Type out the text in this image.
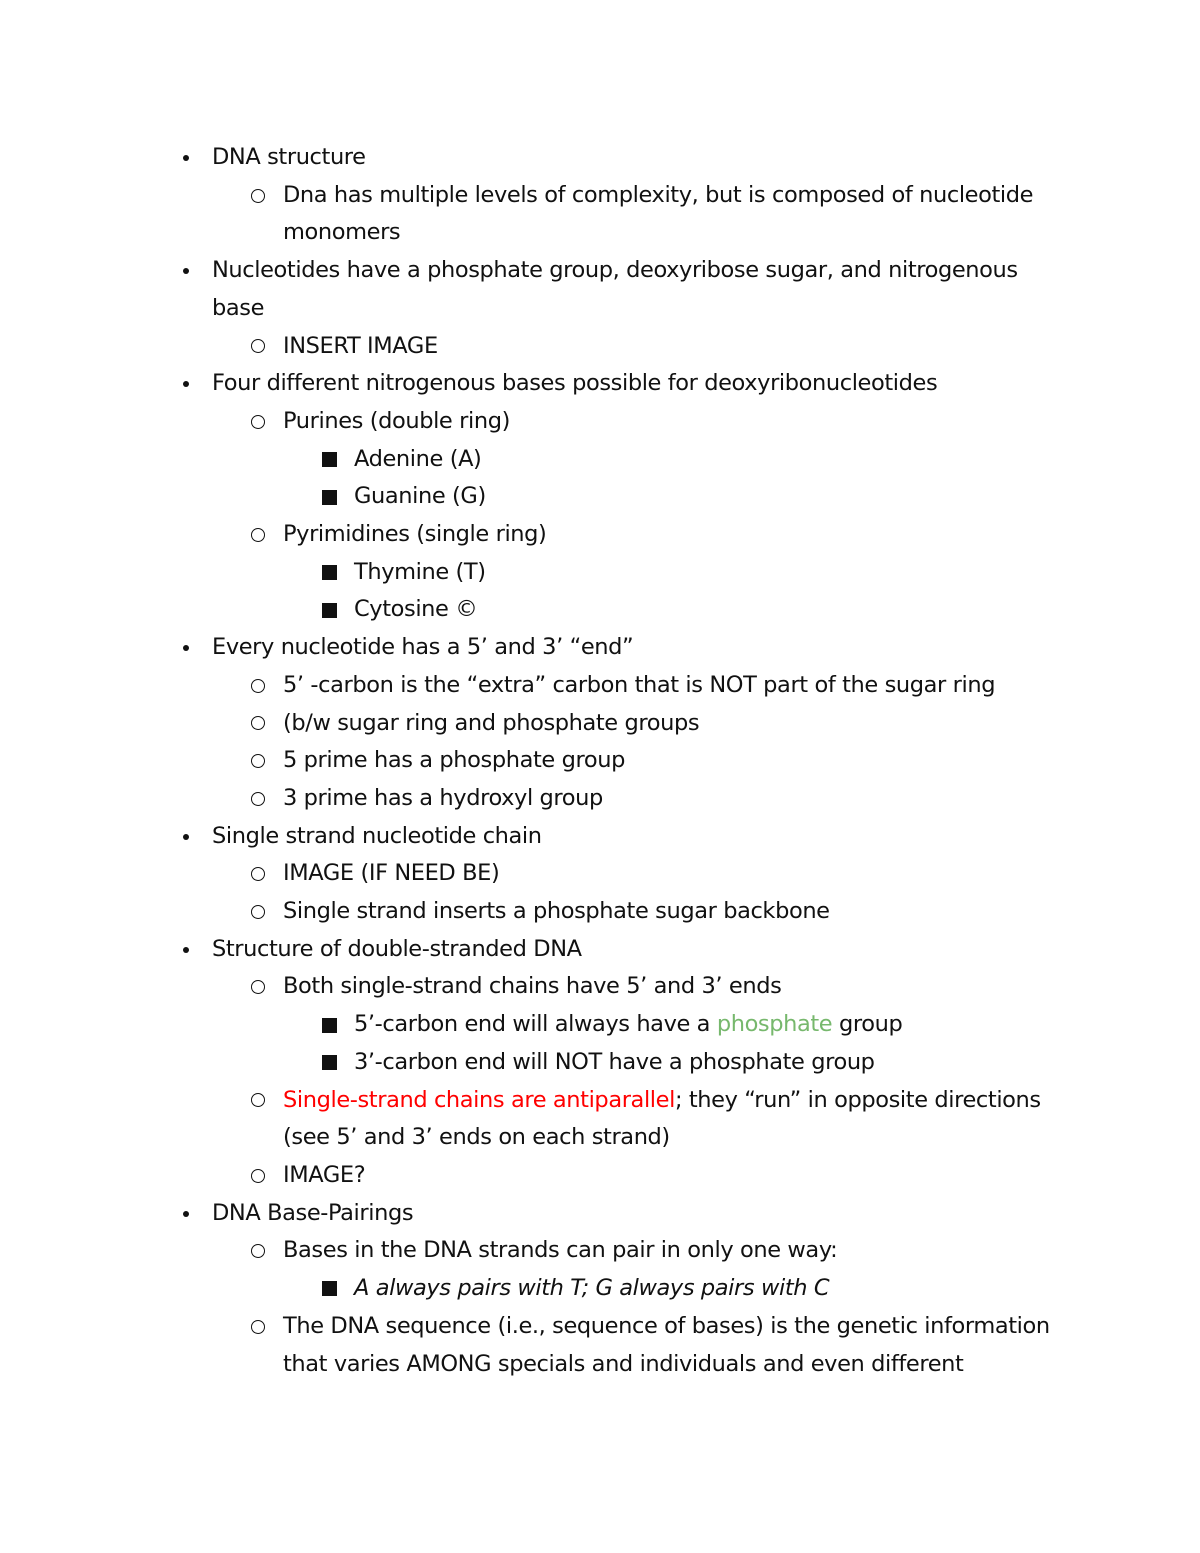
DNA structure
Dna has multiple levels of complexity, but is composed of nucleotide monomers
Nucleotides have a phosphate group, deoxyribose sugar, and nitrogenous base
INSERT IMAGE
Four different nitrogenous bases possible for deoxyribonucleotides
Purines (double ring)
Adenine (A)
Guanine (G)
Pyrimidines (single ring)
Thymine (T)
Cytosine ©
Every nucleotide has a 5’ and 3’ “end”
5’ -carbon is the “extra” carbon that is NOT part of the sugar ring
(b/w sugar ring and phosphate groups
5 prime has a phosphate group
3 prime has a hydroxyl group
Single strand nucleotide chain
IMAGE (IF NEED BE)
Single strand inserts a phosphate sugar backbone
Structure of double-stranded DNA
Both single-strand chains have 5’ and 3’ ends
5’-carbon end will always have a phosphate group
3’-carbon end will NOT have a phosphate group
Single-strand chains are antiparallel; they “run” in opposite directions (see 5’ and 3’ ends on each strand)
IMAGE?
DNA Base-Pairings
Bases in the DNA strands can pair in only one way:
A always pairs with T; G always pairs with C
The DNA sequence (i.e., sequence of bases) is the genetic information that varies AMONG specials and individuals and even different
